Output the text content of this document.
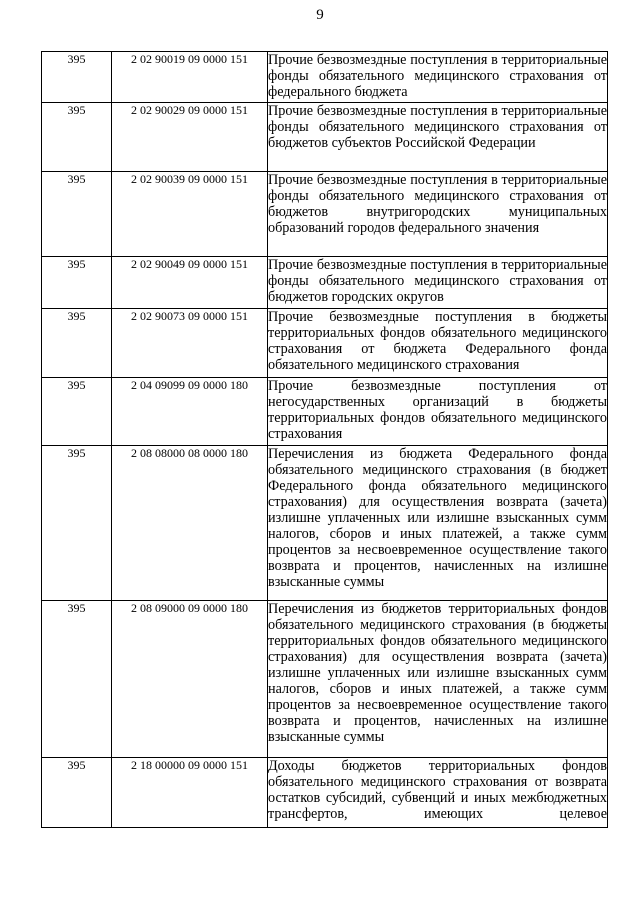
9
395	2 02 90019 09 0000 151	Прочие безвозмездные поступления в территориальные фонды обязательного медицинского страхования от федерального бюджета
395	2 02 90029 09 0000 151	Прочие безвозмездные поступления в территориальные фонды обязательного медицинского страхования от бюджетов субъектов Российской Федерации
395	2 02 90039 09 0000 151	Прочие безвозмездные поступления в территориальные фонды обязательного медицинского страхования от бюджетов внутригородских муниципальных образований городов федерального значения
395	2 02 90049 09 0000 151	Прочие безвозмездные поступления в территориальные фонды обязательного медицинского страхования от бюджетов городских округов
395	2 02 90073 09 0000 151	Прочие безвозмездные поступления в бюджеты территориальных фондов обязательного медицинского страхования от бюджета Федерального фонда обязательного медицинского страхования
395	2 04 09099 09 0000 180	Прочие безвозмездные поступления от негосударственных организаций в бюджеты территориальных фондов обязательного медицинского страхования
395	2 08 08000 08 0000 180	Перечисления из бюджета Федерального фонда обязательного медицинского страхования (в бюджет Федерального фонда обязательного медицинского страхования) для осуществления возврата (зачета) излишне уплаченных или излишне взысканных сумм налогов, сборов и иных платежей, а также сумм процентов за несвоевременное осуществление такого возврата и процентов, начисленных на излишне взысканные суммы
395	2 08 09000 09 0000 180	Перечисления из бюджетов территориальных фондов обязательного медицинского страхования (в бюджеты территориальных фондов обязательного медицинского страхования) для осуществления возврата (зачета) излишне уплаченных или излишне взысканных сумм налогов, сборов и иных платежей, а также сумм процентов за несвоевременное осуществление такого возврата и процентов, начисленных на излишне взысканные суммы
395	2 18 00000 09 0000 151	Доходы бюджетов территориальных фондов обязательного медицинского страхования от возврата остатков субсидий, субвенций и иных межбюджетных трансфертов, имеющих целевое
